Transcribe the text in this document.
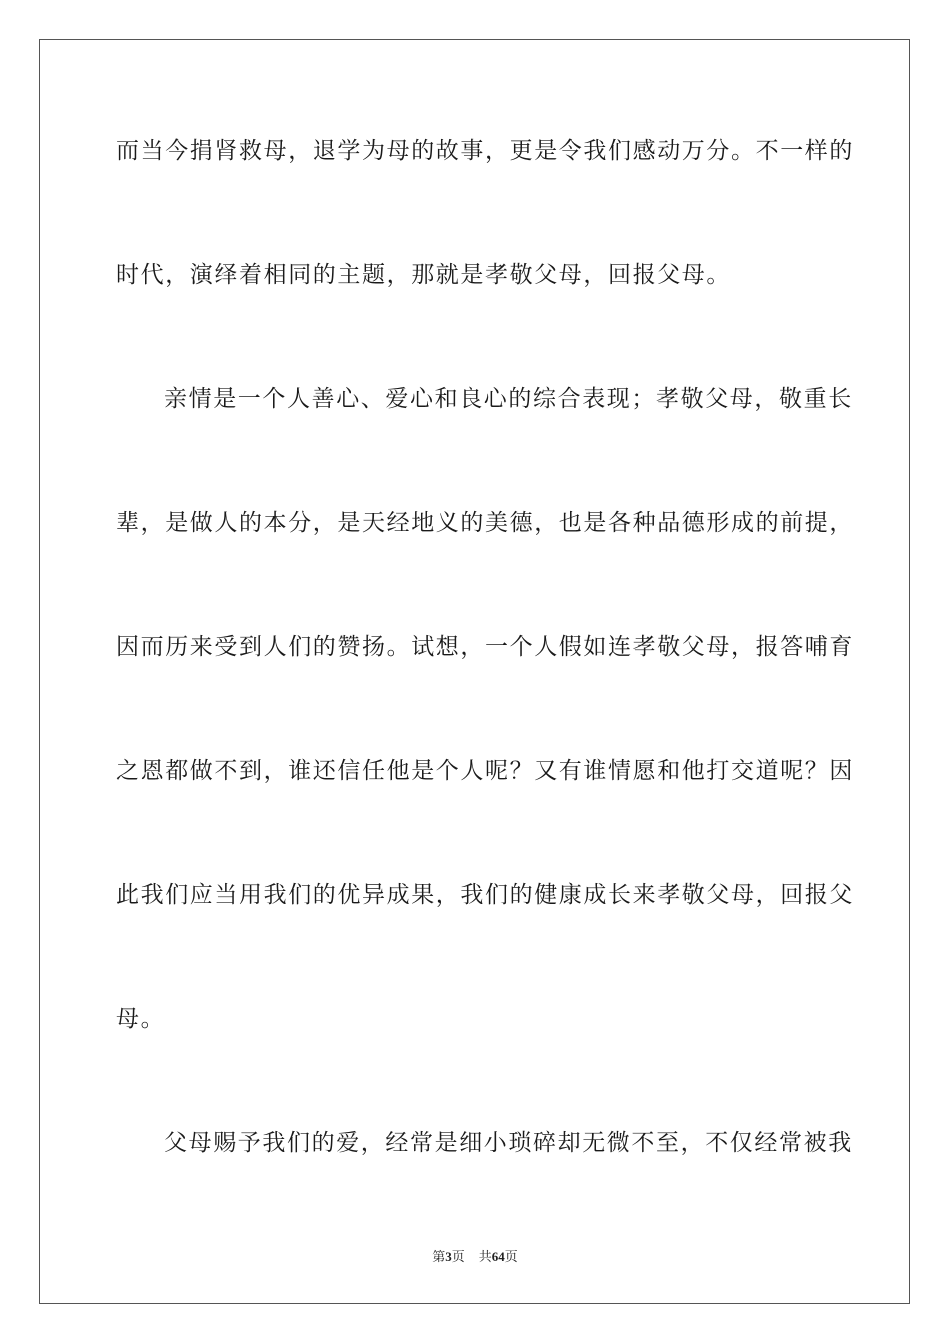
而当今捐肾救母，退学为母的故事，更是令我们感动万分。不一样的
时代，演绎着相同的主题，那就是孝敬父母，回报父母。
亲情是一个人善心、爱心和良心的综合表现；孝敬父母，敬重长
辈，是做人的本分，是天经地义的美德，也是各种品德形成的前提，
因而历来受到人们的赞扬。试想，一个人假如连孝敬父母，报答哺育
之恩都做不到，谁还信任他是个人呢？又有谁情愿和他打交道呢？因
此我们应当用我们的优异成果，我们的健康成长来孝敬父母，回报父
母。
父母赐予我们的爱，经常是细小琐碎却无微不至，不仅经常被我
第3页 共64页
